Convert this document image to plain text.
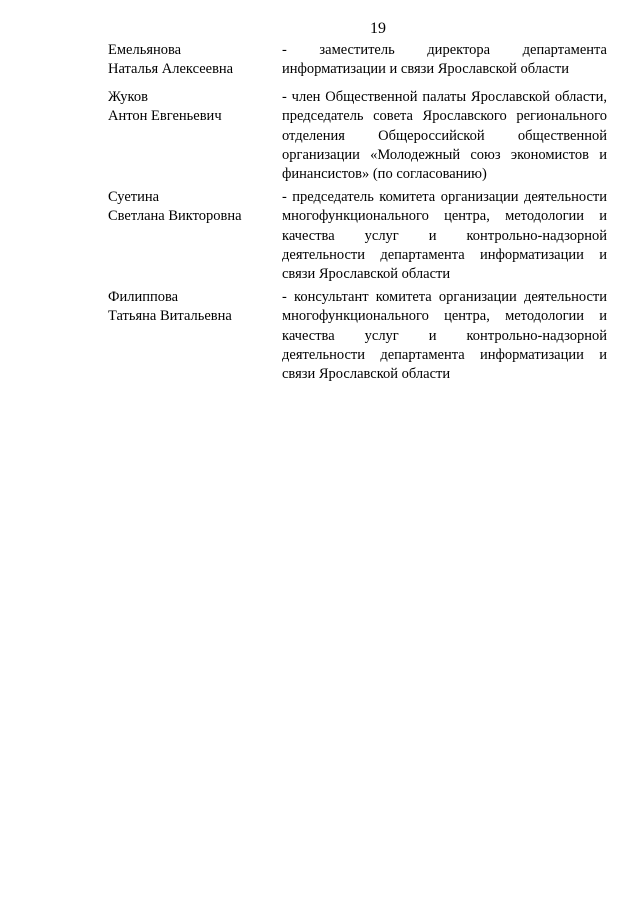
19
Емельянова
Наталья Алексеевна
- заместитель директора департамента информатизации и связи Ярославской области
Жуков
Антон Евгеньевич
- член Общественной палаты Ярославской области, председатель совета Ярославского регионального отделения Общероссийской общественной организации «Молодежный союз экономистов и финансистов» (по согласованию)
Суетина
Светлана Викторовна
- председатель комитета организации деятельности многофункционального центра, методологии и качества услуг и контрольно-надзорной деятельности департамента информатизации и связи Ярославской области
Филиппова
Татьяна Витальевна
- консультант комитета организации деятельности многофункционального центра, методологии и качества услуг и контрольно-надзорной деятельности департамента информатизации и связи Ярославской области
